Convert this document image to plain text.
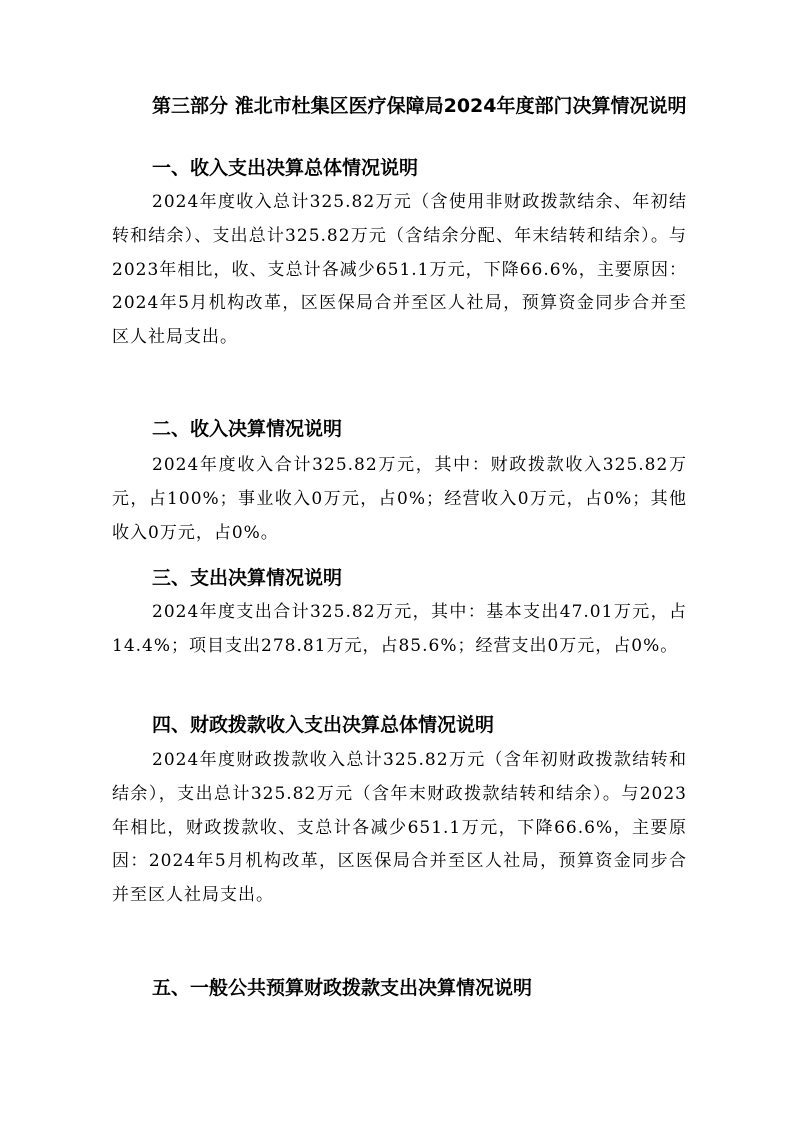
第三部分 淮北市杜集区医疗保障局2024年度部门决算情况说明
一、收入支出决算总体情况说明

2024年度收入总计325.82万元（含使用非财政拨款结余、年初结转和结余）、支出总计325.82万元（含结余分配、年末结转和结余）。与2023年相比，收、支总计各减少651.1万元，下降66.6%，主要原因：2024年5月机构改革，区医保局合并至区人社局，预算资金同步合并至区人社局支出。

二、收入决算情况说明

2024年度收入合计325.82万元，其中：财政拨款收入325.82万元，占100%；事业收入0万元，占0%；经营收入0万元，占0%；其他收入0万元，占0%。

三、支出决算情况说明

2024年度支出合计325.82万元，其中：基本支出47.01万元，占14.4%；项目支出278.81万元，占85.6%；经营支出0万元，占0%。

四、财政拨款收入支出决算总体情况说明

2024年度财政拨款收入总计325.82万元（含年初财政拨款结转和结余），支出总计325.82万元（含年末财政拨款结转和结余）。与2023年相比，财政拨款收、支总计各减少651.1万元，下降66.6%，主要原因：2024年5月机构改革，区医保局合并至区人社局，预算资金同步合并至区人社局支出。

五、一般公共预算财政拨款支出决算情况说明
